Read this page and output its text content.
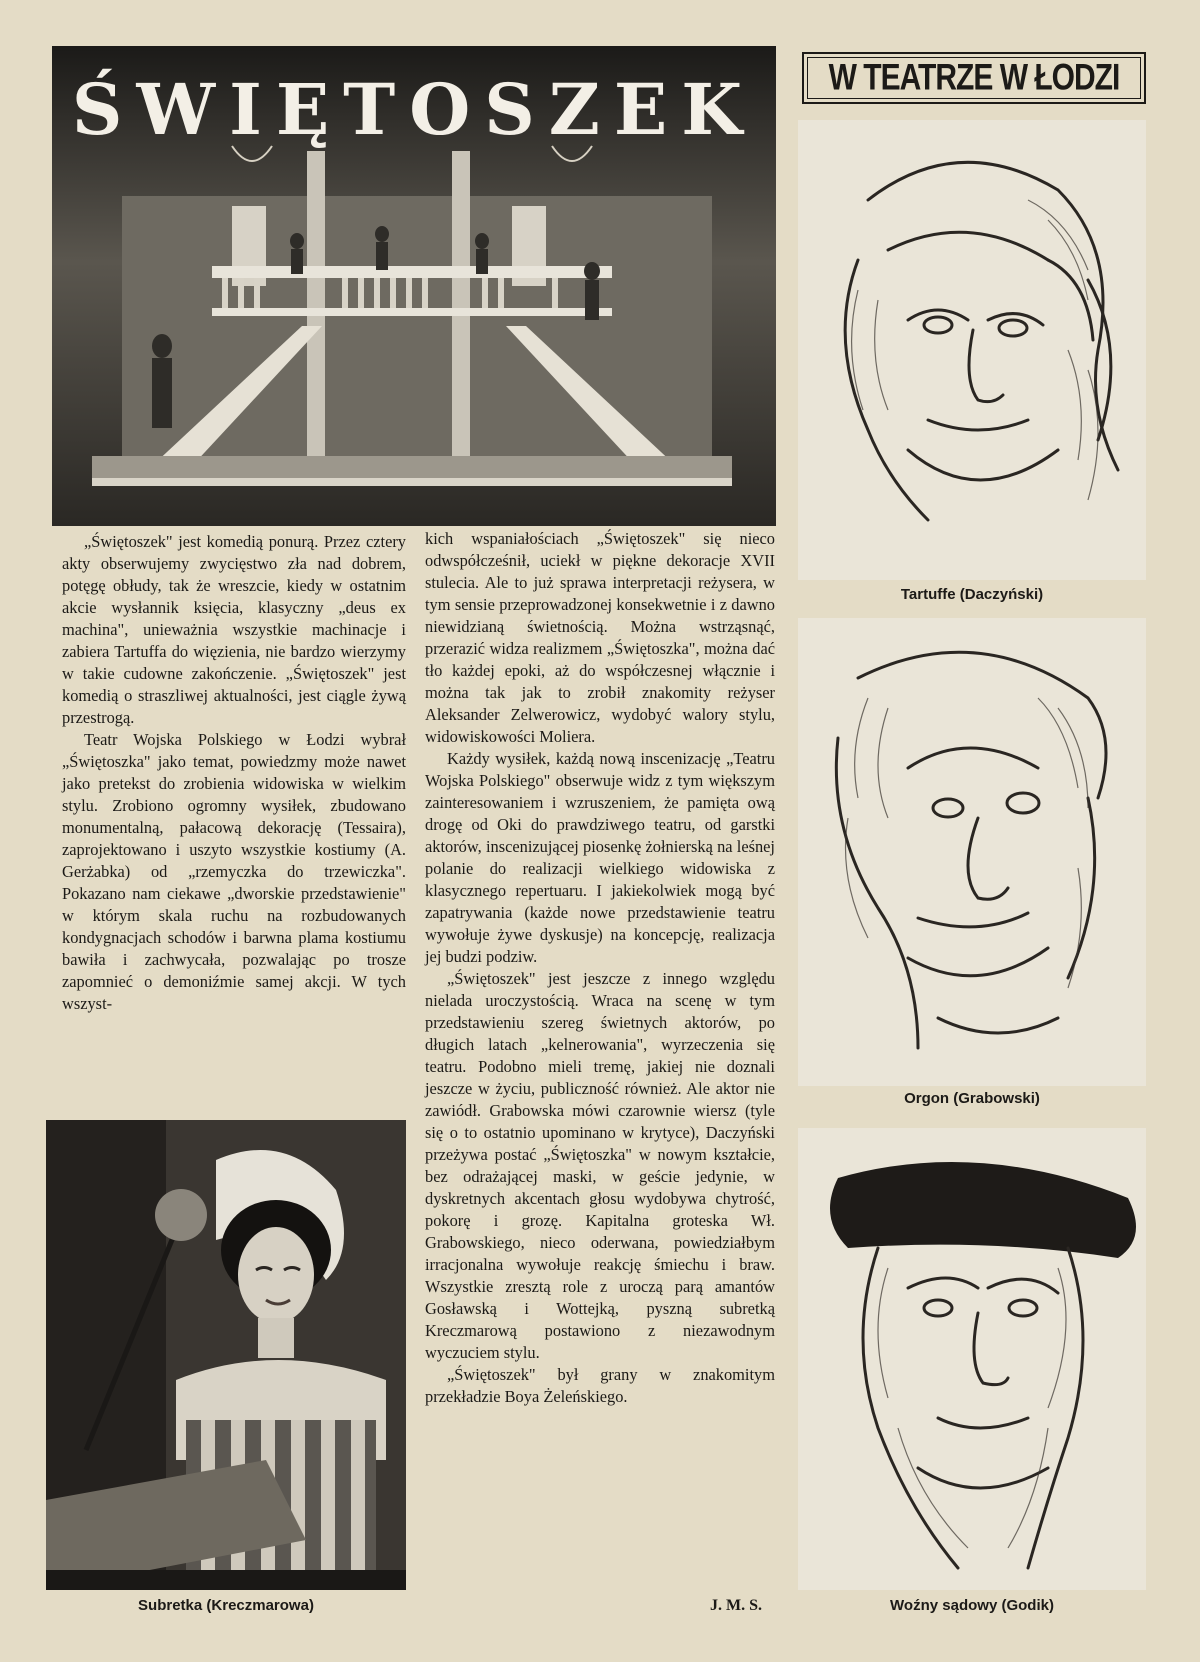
ŚWIĘTOSZEK	W TEATRZE W ŁODZI
Tartuffe (Daczyński)
Orgon (Grabowski)
Woźny sądowy (Godik)

„Świętoszek" jest komedią ponurą. Przez cztery akty obserwujemy zwycięstwo zła nad dobrem, potęgę obłudy, tak że wreszcie, kiedy w ostatnim akcie wysłannik księcia, klasyczny „deus ex machina", unieważnia wszystkie machinacje i zabiera Tartuffa do więzienia, nie bardzo wierzymy w takie cudowne zakończenie. „Świętoszek" jest komedią o straszliwej aktualności, jest ciągle żywą przestrogą.

Teatr Wojska Polskiego w Łodzi wybrał „Świętoszka" jako temat, powiedzmy może nawet jako pretekst do zrobienia widowiska w wielkim stylu. Zrobiono ogromny wysiłek, zbudowano monumentalną, pałacową dekorację (Tessaira), zaprojektowano i uszyto wszystkie kostiumy (A. Gerżabka) od „rzemyczka do trzewiczka". Pokazano nam ciekawe „dworskie przedstawienie" w którym skala ruchu na rozbudowanych kondygnacjach schodów i barwna plama kostiumu bawiła i zachwycała, pozwalając po trosze zapomnieć o demoniźmie samej akcji. W tych wszyst-

kich wspaniałościach „Świętoszek" się nieco odwspółcześnił, uciekł w piękne dekoracje XVII stulecia. Ale to już sprawa interpretacji reżysera, w tym sensie przeprowadzonej konsekwetnie i z dawno niewidzianą świetnością. Można wstrząsnąć, przerazić widza realizmem „Świętoszka", można dać tło każdej epoki, aż do współczesnej włącznie i można tak jak to zrobił znakomity reżyser Aleksander Zelwerowicz, wydobyć walory stylu, widowiskowości Moliera.

Każdy wysiłek, każdą nową inscenizację „Teatru Wojska Polskiego" obserwuje widz z tym większym zainteresowaniem i wzruszeniem, że pamięta ową drogę od Oki do prawdziwego teatru, od garstki aktorów, inscenizującej piosenkę żołnierską na leśnej polanie do realizacji wielkiego widowiska z klasycznego repertuaru. I jakiekolwiek mogą być zapatrywania (każde nowe przedstawienie teatru wywołuje żywe dyskusje) na koncepcję, realizacja jej budzi podziw.

„Świętoszek" jest jeszcze z innego względu nielada uroczystością. Wraca na scenę w tym przedstawieniu szereg świetnych aktorów, po długich latach „kelnerowania", wyrzeczenia się teatru. Podobno mieli tremę, jakiej nie doznali jeszcze w życiu, publiczność również. Ale aktor nie zawiódł. Grabowska mówi czarownie wiersz (tyle się o to ostatnio upominano w krytyce), Daczyński przeżywa postać „Świętoszka" w nowym kształcie, bez odrażającej maski, w geście jedynie, w dyskretnych akcentach głosu wydobywa chytrość, pokorę i grozę. Kapitalna groteska Wł. Grabowskiego, nieco oderwana, powiedziałbym irracjonalna wywołuje reakcję śmiechu i braw. Wszystkie zresztą role z uroczą parą amantów Gosławską i Wottejką, pyszną subretką Kreczmarową postawiono z niezawodnym wyczuciem stylu.

„Świętoszek" był grany w znakomitym przekładzie Boya Żeleńskiego.

Subretka (Kreczmarowa)	J. M. S.
